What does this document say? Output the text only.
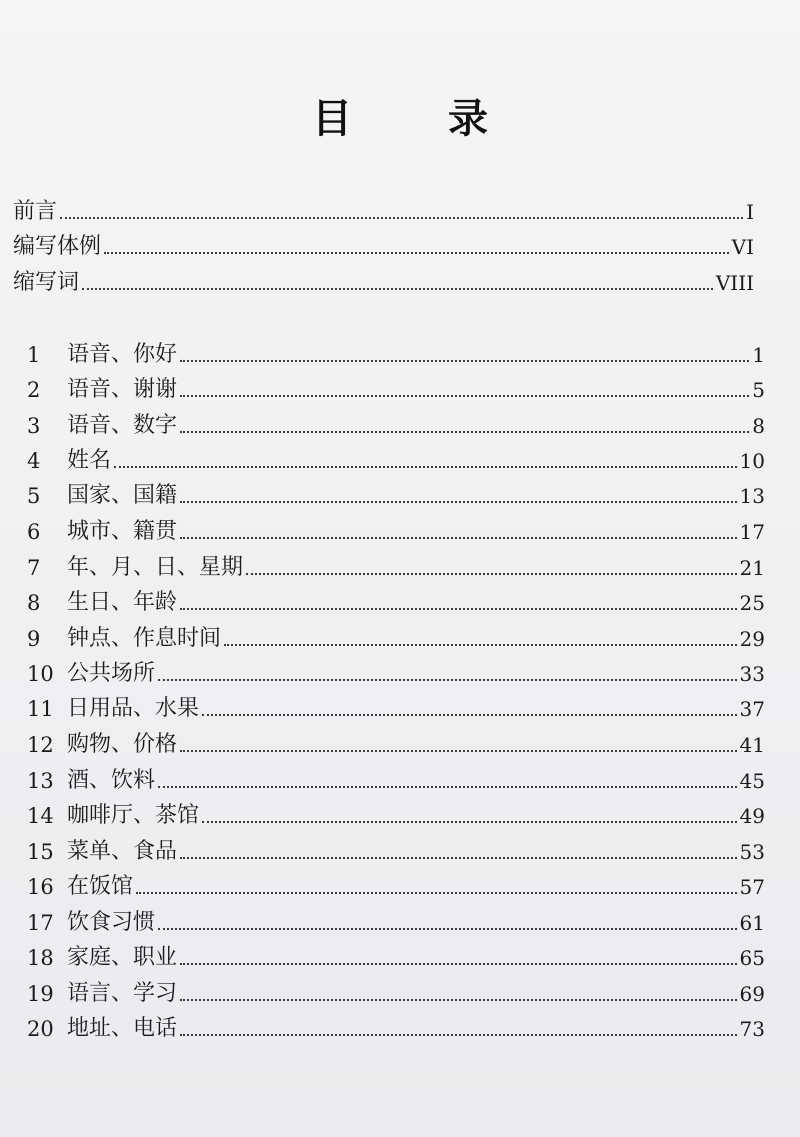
目　录
前言	I
编写体例	VI
缩写词	VIII
1	语音、你好	1
2	语音、谢谢	5
3	语音、数字	8
4	姓名	10
5	国家、国籍	13
6	城市、籍贯	17
7	年、月、日、星期	21
8	生日、年龄	25
9	钟点、作息时间	29
10 公共场所	33
11 日用品、水果	37
12 购物、价格	41
13 酒、饮料	45
14 咖啡厅、茶馆	49
15 菜单、食品	53
16 在饭馆	57
17 饮食习惯	61
18 家庭、职业	65
19 语言、学习	69
20 地址、电话	73
